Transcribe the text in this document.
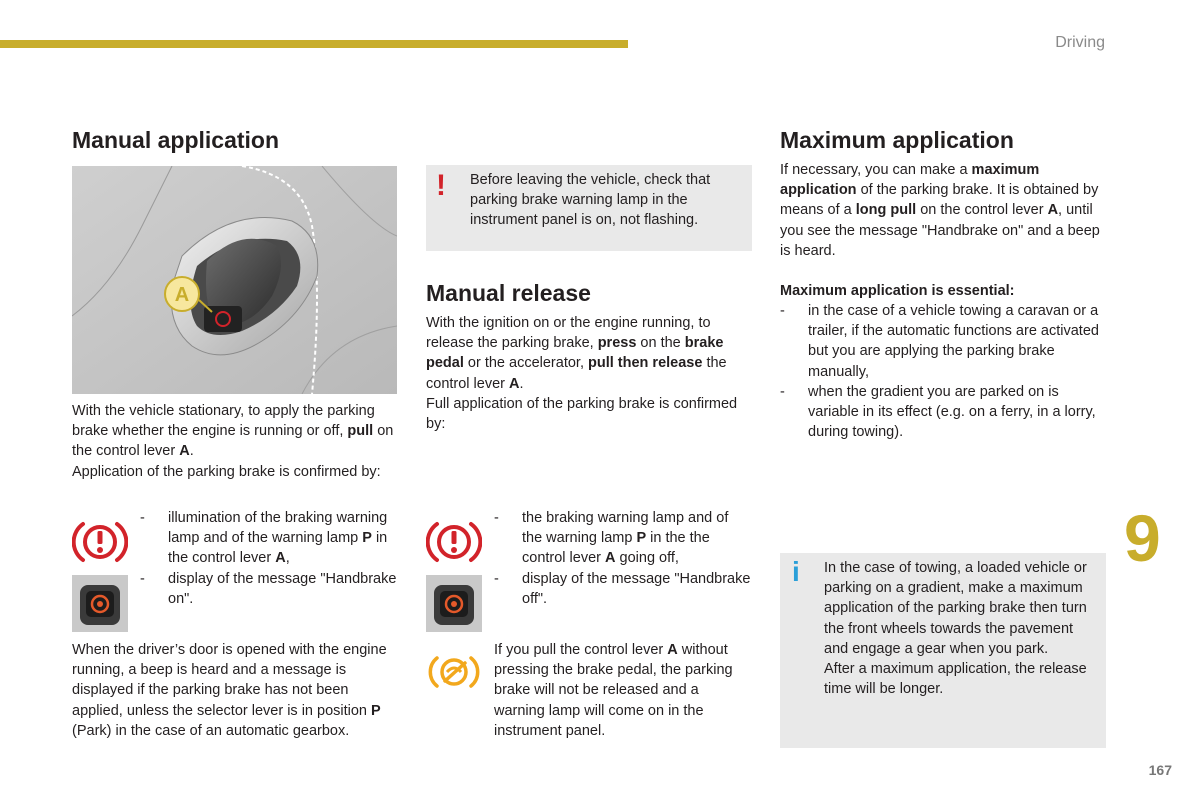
Driving
Manual application
A
With the vehicle stationary, to apply the parking brake whether the engine is running or off, pull on the control lever A.
Application of the parking brake is confirmed by:
-	illumination of the braking warning lamp and of the warning lamp P in the control lever A,
-	display of the message "Handbrake on".
When the driver’s door is opened with the engine running, a beep is heard and a message is displayed if the parking brake has not been applied, unless the selector lever is in position P (Park) in the case of an automatic gearbox.
! Before leaving the vehicle, check that parking brake warning lamp in the instrument panel is on, not flashing.
Manual release
With the ignition on or the engine running, to release the parking brake, press on the brake pedal or the accelerator, pull then release the control lever A.
Full application of the parking brake is confirmed by:
-	the braking warning lamp and of the warning lamp P in the the control lever A going off,
-	display of the message "Handbrake off".
If you pull the control lever A without pressing the brake pedal, the parking brake will not be released and a warning lamp will come on in the instrument panel.
Maximum application
If necessary, you can make a maximum application of the parking brake. It is obtained by means of a long pull on the control lever A, until you see the message "Handbrake on" and a beep is heard.
Maximum application is essential:
-	in the case of a vehicle towing a caravan or a trailer, if the automatic functions are activated but you are applying the parking brake manually,
-	when the gradient you are parked on is variable in its effect (e.g. on a ferry, in a lorry, during towing).
i In the case of towing, a loaded vehicle or parking on a gradient, make a maximum application of the parking brake then turn the front wheels towards the pavement and engage a gear when you park.
After a maximum application, the release time will be longer.
9
167
